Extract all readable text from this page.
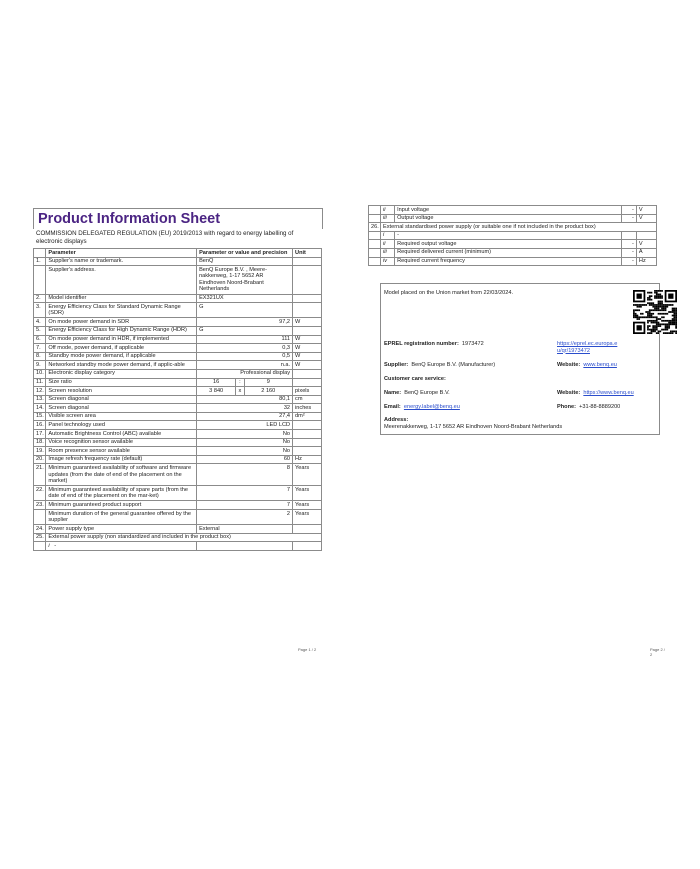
Product Information Sheet
COMMISSION DELEGATED REGULATION (EU) 2019/2013 with regard to energy labelling of electronic displays
	Parameter	Parameter or value and precision			Unit
1.	Supplier's name or trademark.	BenQ			
	Supplier's address.	BenQ Europe B.V. , Meere-nakkerweg, 1-17 5652 AR Eindhoven Noord-Brabant Netherlands			
2.	Model identifier	EX321UX			
3.	Energy Efficiency Class for Standard Dynamic Range (SDR)	G			
4.	On mode power demand in SDR	97,2			W
5.	Energy Efficiency Class for High Dynamic Range (HDR)	G			
6.	On mode power demand in HDR, if implemented	111			W
7.	Off mode, power demand, if applicable	0,3			W
8.	Standby mode power demand, if applicable	0,5			W
9.	Networked standby mode power demand, if applic-able	n.a.			W
10.	Electronic display category	Professional display			
11.	Size ratio	16	:	9	
12.	Screen resolution	3 840	x	2 160	pixels
13.	Screen diagonal	80,1			cm
14.	Screen diagonal	32			inches
15.	Visible screen area	27,4			dm²
16.	Panel technology used	LED LCD			
17.	Automatic Brightness Control (ABC) available	No			
18.	Voice recognition sensor available	No			
19.	Room presence sensor available	No			
20.	Image refresh frequency rate (default)	60			Hz
21.	Minimum guaranteed availability of software and firmware updates (from the date of end of the placement on the market)	8			Years
22.	Minimum guaranteed availability of spare parts (from the date of end of the placement on the mar-ket)	7			Years
23.	Minimum guaranteed product support	7			Years
	Minimum duration of the general guarantee offered by the supplier	2			Years
24.	Power supply type	External			
25.	External power supply (non standardized and included in the product box)				
	i -				
Page 1 / 2
	ii	Input voltage	-	V
	iii	Output voltage	-	V
26.	External standardised power supply (or suitable one if not included in the product box)			
	i	-		
	ii	Required output voltage	-	V
	iii	Required delivered current (minimum)	-	A
	iv	Required current frequency	-	Hz
Model placed on the Union market from 22/03/2024.
EPREL registration number: 1973472	https://eprel.ec.europa.eu/qr/1973472
Supplier: BenQ Europe B.V. (Manufacturer)	Website: www.benq.eu
Customer care service:
Name: BenQ Europe B.V.	Website: https://www.benq.eu
Email: energy.label@benq.eu	Phone: +31-88-8889200
Address:
Meerenakkerweg, 1-17 5652 AR Eindhoven Noord-Brabant Netherlands
Page 2 / 2
